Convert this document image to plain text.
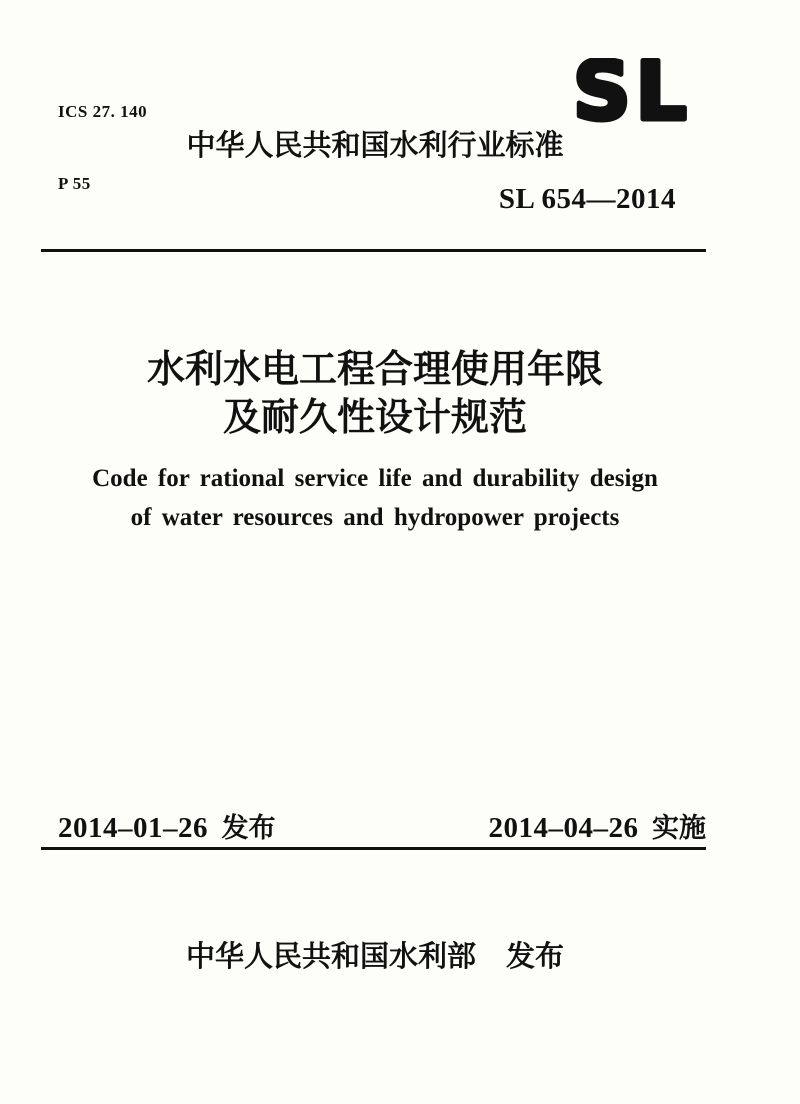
ICS 27. 140

P 55

SL
中华人民共和国水利行业标准
SL 654—2014
水利水电工程合理使用年限
及耐久性设计规范
Code for rational service life and durability design
of water resources and hydropower projects
2014–01–26 发布	2014–04–26 实施
中华人民共和国水利部 发布
